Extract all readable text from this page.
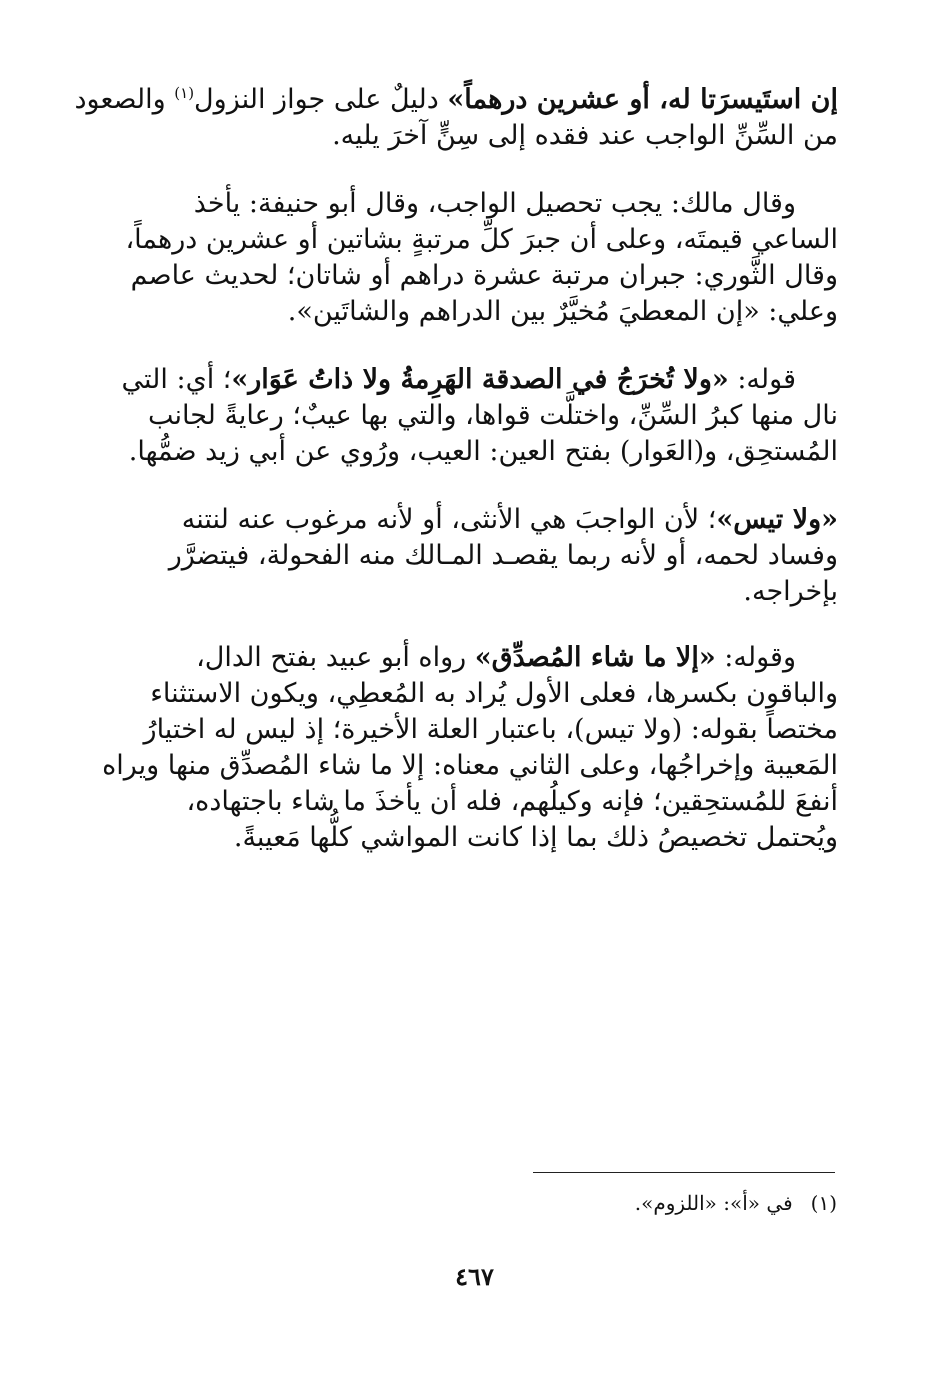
إن استَيسرَتا له، أو عشرين درهماً» دليلٌ على جواز النزول$^{(١)}$ والصعود
من السِّنِّ الواجب عند فقده إلى سِنٍّ آخرَ يليه.
وقال مالك: يجب تحصيل الواجب، وقال أبو حنيفة: يأخذ
الساعي قيمتَه، وعلى أن جبرَ كلِّ مرتبةٍ بشاتين أو عشرين درهماً،
وقال الثَّوري: جبران مرتبة عشرة دراهم أو شاتان؛ لحديث عاصم
وعلي: «إن المعطيَ مُخيَّرٌ بين الدراهم والشاتَين».
قوله: «ولا تُخرَجُ في الصدقة الهَرِمةُ ولا ذاتُ عَوَار»؛ أي: التي
نال منها كبرُ السِّنِّ، واختلَّت قواها، والتي بها عيبٌ؛ رعايةً لجانب
المُستحِق، و(العَوار) بفتح العين: العيب، ورُوي عن أبي زيد ضمُّها.
«ولا تيس»؛ لأن الواجبَ هي الأنثى، أو لأنه مرغوب عنه لنتنه
وفساد لحمه، أو لأنه ربما يقصـد المـالك منه الفحولة، فيتضرَّر
بإخراجه.
وقوله: «إلا ما شاء المُصدِّق» رواه أبو عبيد بفتح الدال،
والباقون بكسرها، فعلى الأول يُراد به المُعطِي، ويكون الاستثناء
مختصاً بقوله: (ولا تيس)، باعتبار العلة الأخيرة؛ إذ ليس له اختيارُ
المَعيبة وإخراجُها، وعلى الثاني معناه: إلا ما شاء المُصدِّق منها ويراه
أنفعَ للمُستحِقين؛ فإنه وكيلُهم، فله أن يأخذَ ما شاء باجتهاده،
ويُحتمل تخصيصُ ذلك بما إذا كانت المواشي كلُّها مَعيبةً.
(١)في «أ»: «اللزوم».
٤٦٧
